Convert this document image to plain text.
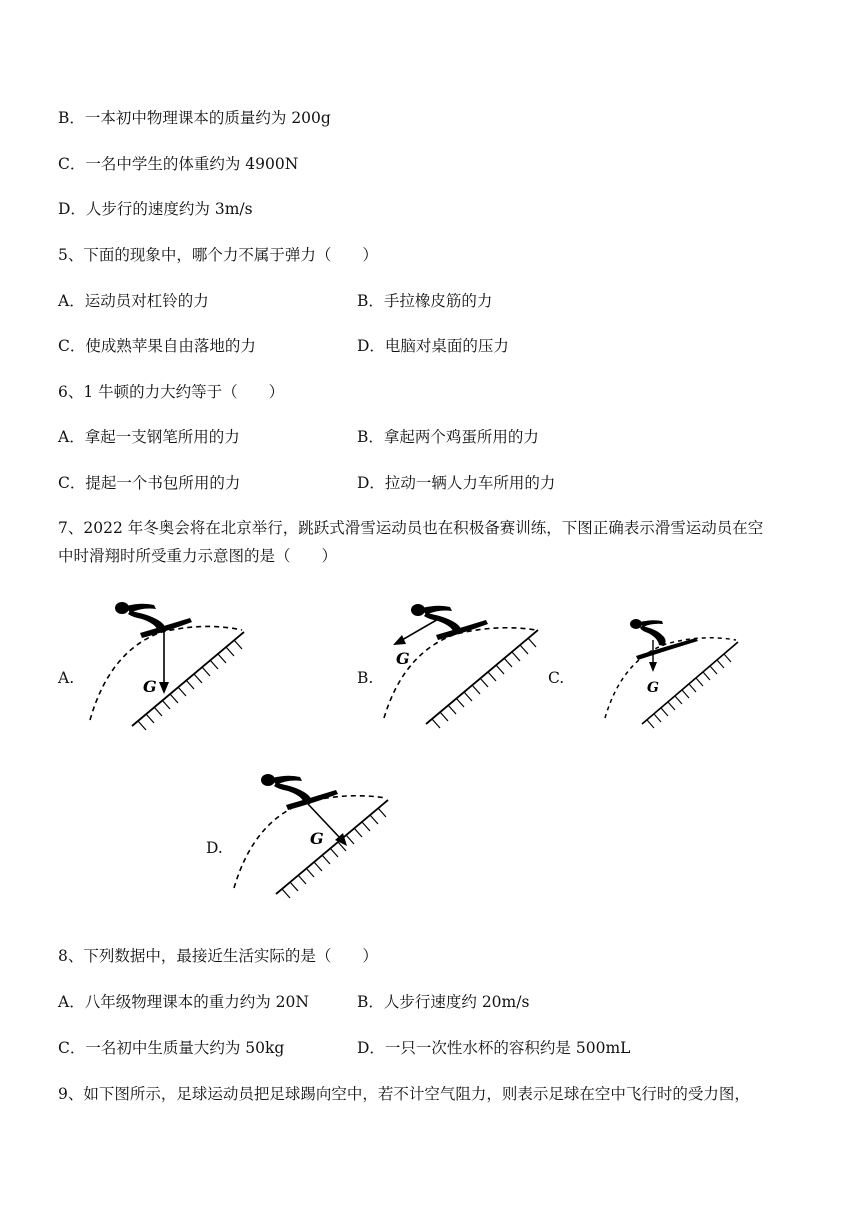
B．一本初中物理课本的质量约为 200g
C．一名中学生的体重约为 4900N
D．人步行的速度约为 3m/s
5、下面的现象中，哪个力不属于弹力（　　）
A．运动员对杠铃的力	B．手拉橡皮筋的力
C．使成熟苹果自由落地的力	D．电脑对桌面的压力
6、1 牛顿的力大约等于（　　）
A．拿起一支钢笔所用的力	B．拿起两个鸡蛋所用的力
C．提起一个书包所用的力	D．拉动一辆人力车所用的力
7、2022 年冬奥会将在北京举行，跳跃式滑雪运动员也在积极备赛训练，下图正确表示滑雪运动员在空
中时滑翔时所受重力示意图的是（　　）
A.	G	B.
G
C.
G
D.	G
8、下列数据中，最接近生活实际的是（　　）
A．八年级物理课本的重力约为 20N	B．人步行速度约 20m/s
C．一名初中生质量大约为 50kg	D．一只一次性水杯的容积约是 500mL
9、如下图所示，足球运动员把足球踢向空中，若不计空气阻力，则表示足球在空中飞行时的受力图，
